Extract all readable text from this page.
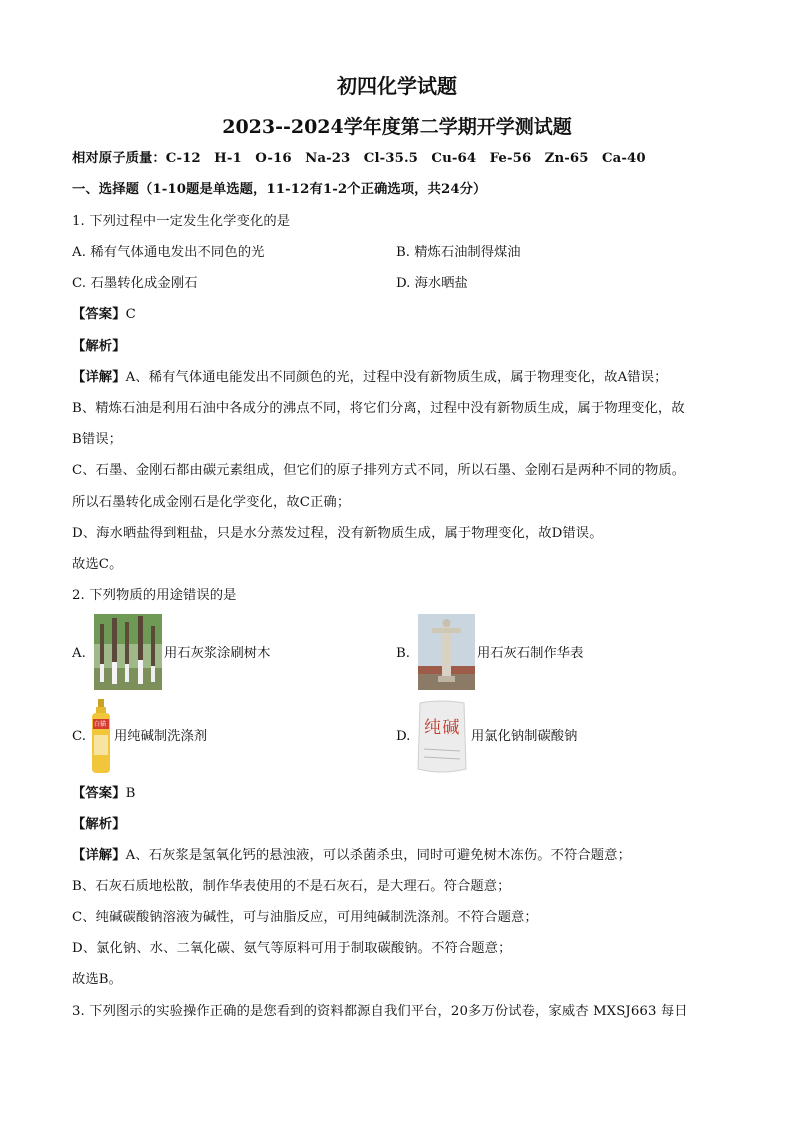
初四化学试题
2023--2024学年度第二学期开学测试题
相对原子质量：C-12　H-1　O-16　Na-23　Cl-35.5　Cu-64　Fe-56　Zn-65　Ca-40
一、选择题（1-10题是单选题，11-12有1-2个正确选项，共24分）
1. 下列过程中一定发生化学变化的是
A. 稀有气体通电发出不同色的光	B. 精炼石油制得煤油
C. 石墨转化成金刚石	D. 海水晒盐
【答案】C
【解析】
【详解】A、稀有气体通电能发出不同颜色的光，过程中没有新物质生成，属于物理变化，故A错误；
B、精炼石油是利用石油中各成分的沸点不同，将它们分离，过程中没有新物质生成，属于物理变化，故
B错误；
C、石墨、金刚石都由碳元素组成，但它们的原子排列方式不同，所以石墨、金刚石是两种不同的物质。
所以石墨转化成金刚石是化学变化，故C正确；
D、海水晒盐得到粗盐，只是水分蒸发过程，没有新物质生成，属于物理变化，故D错误。
故选C。
2. 下列物质的用途错误的是
A.	用石灰浆涂刷树木	B.	用石灰石制作华表
C.
白猫
用纯碱制洗涤剂	D. 纯 碱 用氯化钠制碳酸钠
【答案】B
【解析】
【详解】A、石灰浆是氢氧化钙的悬浊液，可以杀菌杀虫，同时可避免树木冻伤。不符合题意；
B、石灰石质地松散，制作华表使用的不是石灰石，是大理石。符合题意；
C、纯碱碳酸钠溶液为碱性，可与油脂反应，可用纯碱制洗涤剂。不符合题意；
D、氯化钠、水、二氧化碳、氨气等原料可用于制取碳酸钠。不符合题意；
故选B。
3. 下列图示的实验操作正确的是您看到的资料都源自我们平台，20多万份试卷，家威杏 MXSJ663 每日
